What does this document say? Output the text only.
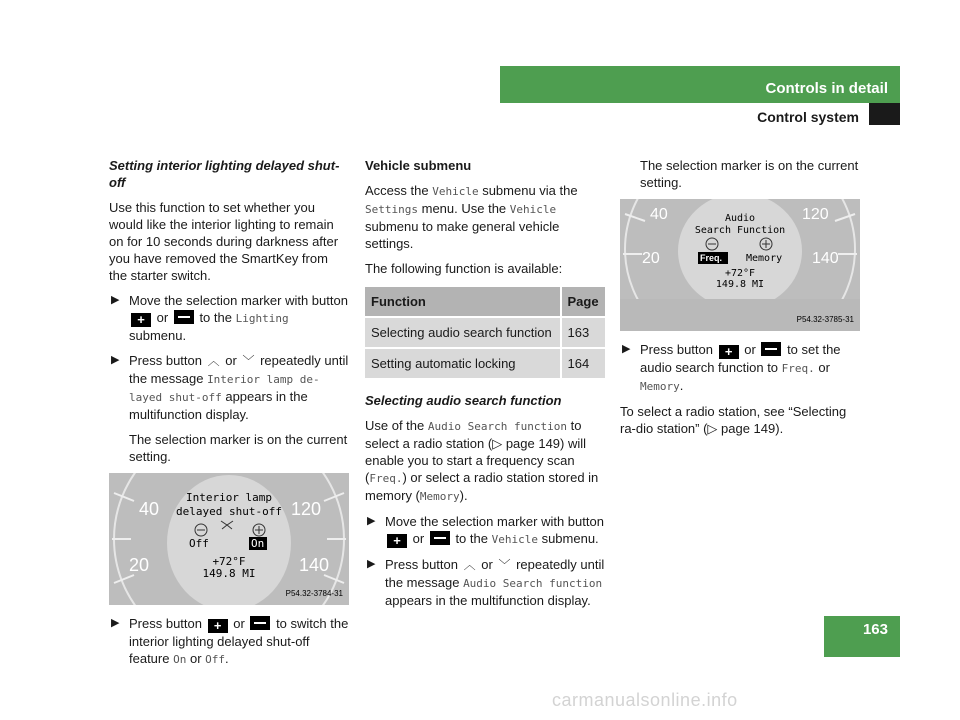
Controls in detail
Control system

Setting interior lighting delayed shut-off

Use this function to set whether you would like the interior lighting to remain on for 10 seconds during darkness after you have removed the SmartKey from the starter switch.

▶ Move the selection marker with button + or to the Lighting submenu.
▶ Press button ︿ or ﹀ repeatedly until the message Interior lamp de-layed shut-off appears in the multifunction display.

The selection marker is on the current setting.

40
20
120
140
Interior lamp
delayed shut-off
Off	On
+72°F
149.8 MI
P54.32-3784-31
▶ Press button + or to switch the interior lighting delayed shut-off feature On or Off.

Vehicle submenu

Access the Vehicle submenu via the Settings menu. Use the Vehicle submenu to make general vehicle settings.

The following function is available:

Function	Page
Selecting audio search function	163
Setting automatic locking	164

Selecting audio search function

Use of the Audio Search function to select a radio station (▷ page 149) will enable you to start a frequency scan (Freq.) or select a radio station stored in memory (Memory).

▶ Move the selection marker with button + or to the Vehicle submenu.
▶ Press button ︿ or ﹀ repeatedly until the message Audio Search function appears in the multifunction display.

The selection marker is on the current setting.

40
20
120
140
Audio
Search Function
Freq. Memory
+72°F
149.8 MI
P54.32-3785-31
▶ Press button + or to set the audio search function to Freq. or Memory.

To select a radio station, see “Selecting ra-dio station” (▷ page 149).

163
carmanualsonline.info
